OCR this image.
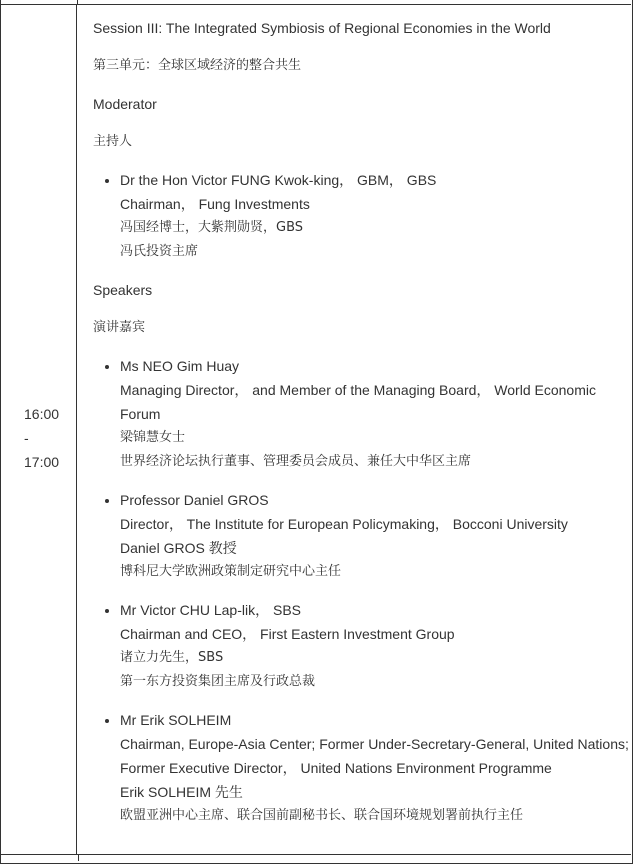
16:00
-
17:00

Session III: The Integrated Symbiosis of Regional Economies in the World

第三单元：全球区域经济的整合共生

Moderator

主持人

• Dr the Hon Victor FUNG Kwok-king， GBM， GBS
Chairman， Fung Investments
冯国经博士，大紫荆勋贤，GBS
冯氏投资主席

Speakers

演讲嘉宾

• Ms NEO Gim Huay
Managing Director， and Member of the Managing Board， World Economic Forum
梁锦慧女士
世界经济论坛执行董事、管理委员会成员、兼任大中华区主席
• Professor Daniel GROS
Director， The Institute for European Policymaking， Bocconi University
Daniel GROS 教授
博科尼大学欧洲政策制定研究中心主任
• Mr Victor CHU Lap-lik， SBS
Chairman and CEO， First Eastern Investment Group
诸立力先生，SBS
第一东方投资集团主席及行政总裁
• Mr Erik SOLHEIM
Chairman, Europe-Asia Center; Former Under-Secretary-General, United Nations; Former Executive Director， United Nations Environment Programme
Erik SOLHEIM 先生
欧盟亚洲中心主席、联合国前副秘书长、联合国环境规划署前执行主任
